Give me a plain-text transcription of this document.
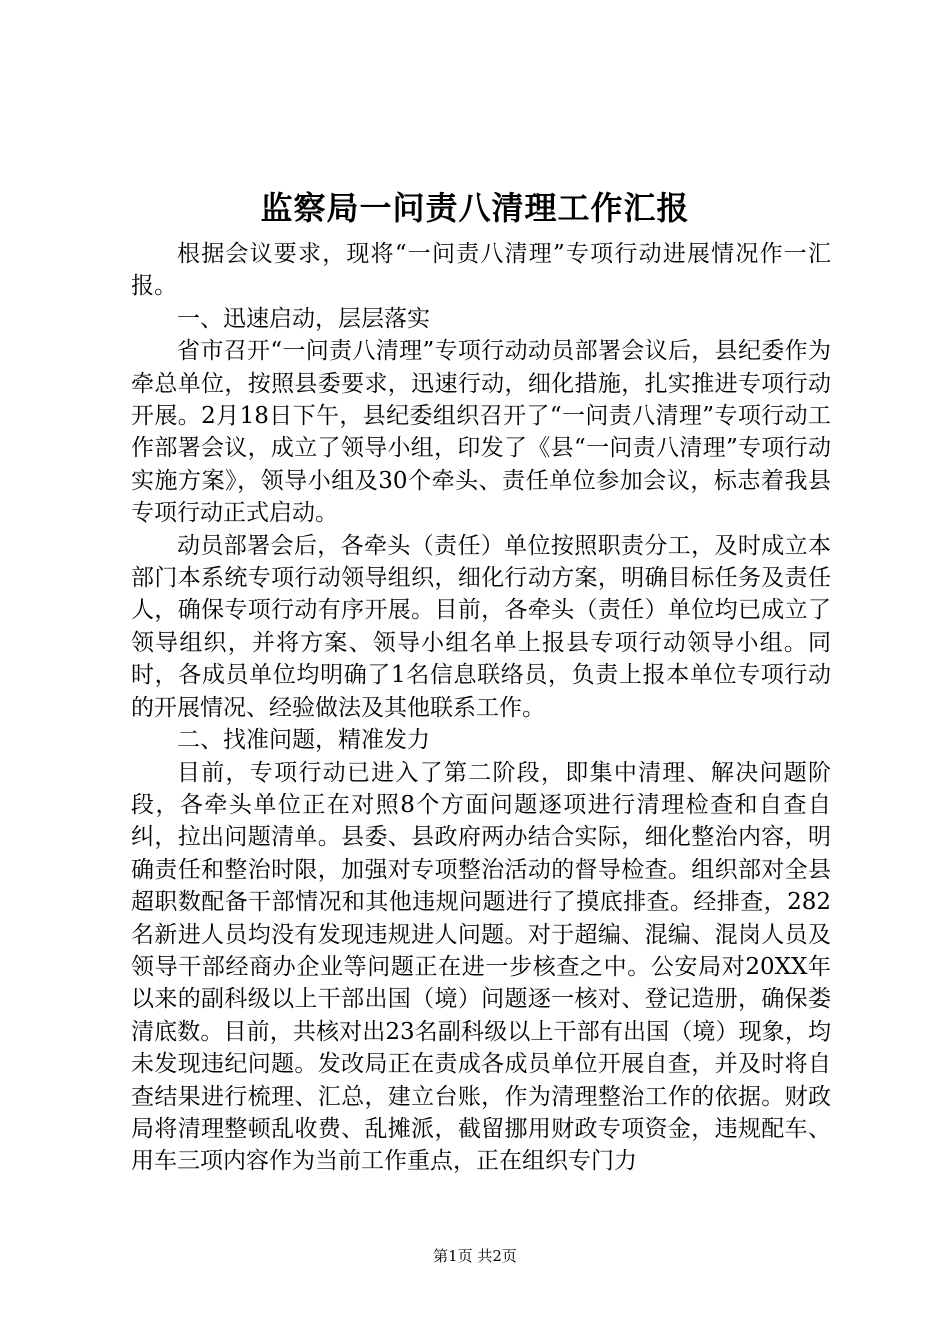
监察局一问责八清理工作汇报

根据会议要求，现将“一问责八清理”专项行动进展情况作一汇报。

一、迅速启动，层层落实

省市召开“一问责八清理”专项行动动员部署会议后，县纪委作为牵总单位，按照县委要求，迅速行动，细化措施，扎实推进专项行动开展。2月18日下午，县纪委组织召开了“一问责八清理”专项行动工作部署会议，成立了领导小组，印发了《县“一问责八清理”专项行动实施方案》，领导小组及30个牵头、责任单位参加会议，标志着我县专项行动正式启动。

动员部署会后，各牵头（责任）单位按照职责分工，及时成立本部门本系统专项行动领导组织，细化行动方案，明确目标任务及责任人，确保专项行动有序开展。目前，各牵头（责任）单位均已成立了领导组织，并将方案、领导小组名单上报县专项行动领导小组。同时，各成员单位均明确了1名信息联络员，负责上报本单位专项行动的开展情况、经验做法及其他联系工作。

二、找准问题，精准发力

目前，专项行动已进入了第二阶段，即集中清理、解决问题阶段，各牵头单位正在对照8个方面问题逐项进行清理检查和自查自纠，拉出问题清单。县委、县政府两办结合实际，细化整治内容，明确责任和整治时限，加强对专项整治活动的督导检查。组织部对全县超职数配备干部情况和其他违规问题进行了摸底排查。经排查，282名新进人员均没有发现违规进人问题。对于超编、混编、混岗人员及领导干部经商办企业等问题正在进一步核查之中。公安局对20XX年以来的副科级以上干部出国（境）问题逐一核对、登记造册，确保娄清底数。目前，共核对出23名副科级以上干部有出国（境）现象，均未发现违纪问题。发改局正在责成各成员单位开展自查，并及时将自查结果进行梳理、汇总，建立台账，作为清理整治工作的依据。财政局将清理整顿乱收费、乱摊派，截留挪用财政专项资金，违规配车、用车三项内容作为当前工作重点，正在组织专门力

第1页 共2页
